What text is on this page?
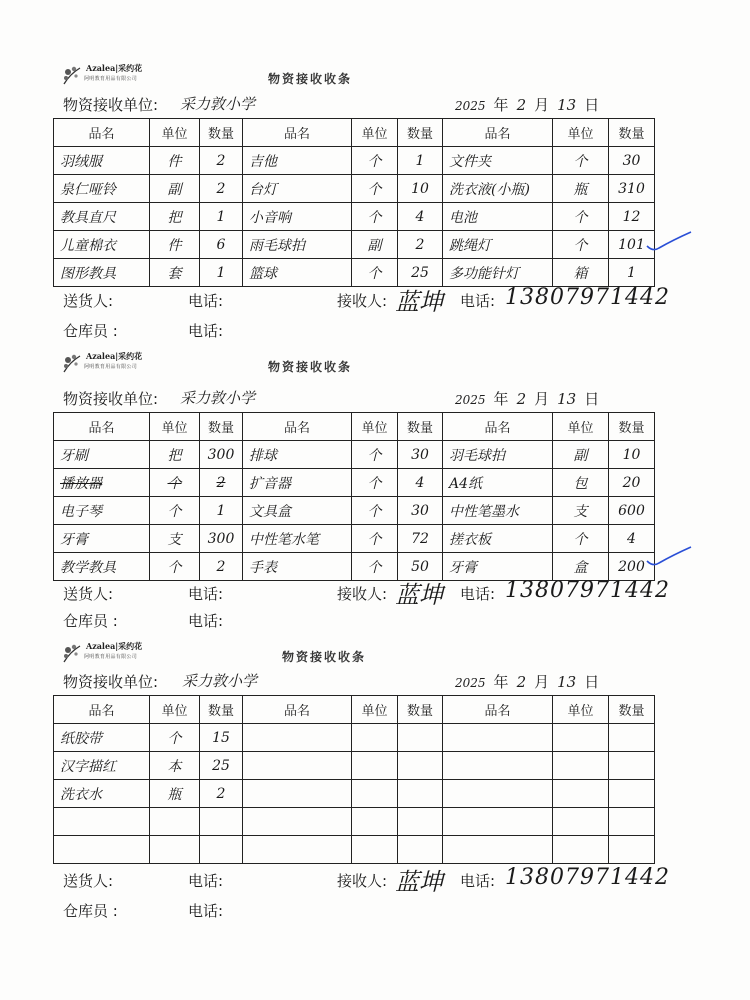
Azalea|采约花
阿明教育用品有限公司	物资接收收条
物资接收单位: 采力敦小学	2025 年 2 月 13 日
品名	单位	数量	品名	单位	数量	品名	单位	数量
羽绒服	件	2	吉他	个	1	文件夹	个	30
泉仁哑铃	副	2	台灯	个	10	洗衣液(小瓶)	瓶	310
教具直尺	把	1	小音响	个	4	电池	个	12
儿童棉衣	件	6	雨毛球拍	副	2	跳绳灯	个	101
图形教具	套	1	篮球	个	25	多功能针灯	箱	1
送货人:	电话:	接收人: 蓝坤 电话: 13807971442
仓库员 :	电话:
Azalea|采约花
阿明教育用品有限公司	物资接收收条
物资接收单位: 采力敦小学	2025 年 2 月 13 日
品名	单位	数量	品名	单位	数量	品名	单位	数量
牙刷	把	300	排球	个	30	羽毛球拍	副	10
播放器	个	2	扩音器	个	4	A4纸	包	20
电子琴	个	1	文具盒	个	30	中性笔墨水	支	600
牙膏	支	300	中性笔水笔	个	72	搓衣板	个	4
教学教具	个	2	手表	个	50	牙膏	盒	200
送货人:	电话:	接收人: 蓝坤 电话: 13807971442
仓库员 :	电话:
Azalea|采约花
阿明教育用品有限公司	物资接收收条
物资接收单位: 采力敦小学	2025 年 2 月 13 日
品名	单位	数量	品名	单位	数量	品名	单位	数量
纸胶带	个	15						
汉字描红	本	25						
洗衣水	瓶	2						

送货人:	电话:	接收人: 蓝坤 电话: 13807971442
仓库员 :	电话:
